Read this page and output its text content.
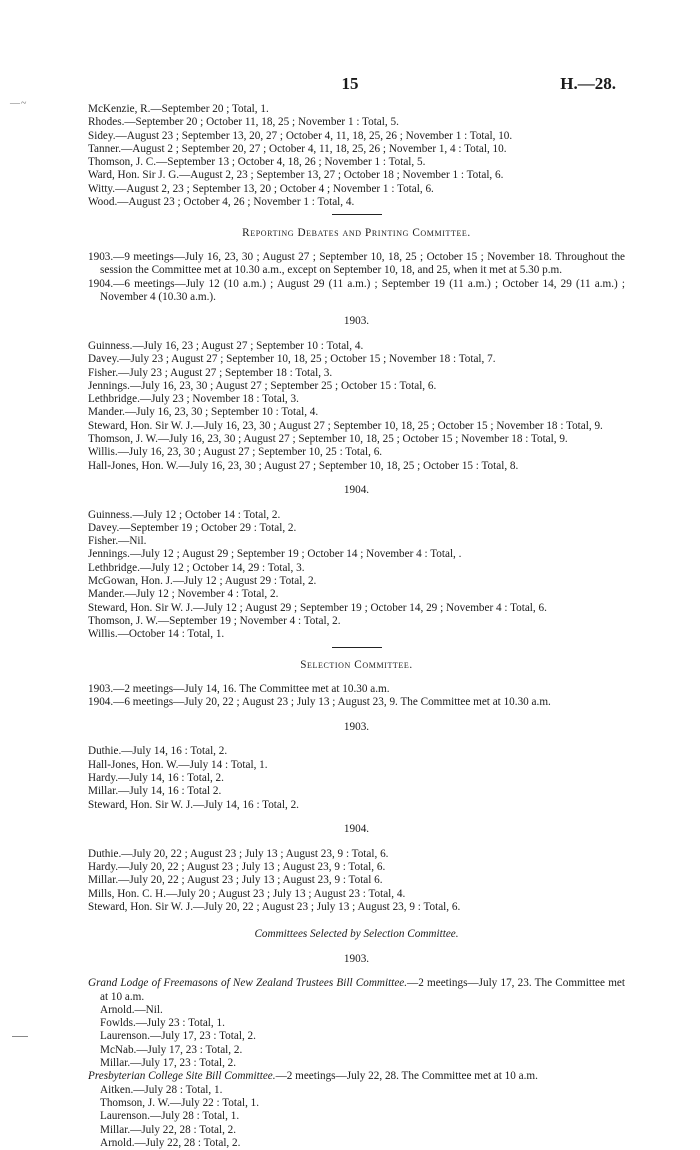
15	H.—28.
—~	McKenzie, R.—September 20 ; Total, 1.

Rhodes.—September 20 ; October 11, 18, 25 ; November 1 : Total, 5.

Sidey.—August 23 ; September 13, 20, 27 ; October 4, 11, 18, 25, 26 ; November 1 : Total, 10.

Tanner.—August 2 ; September 20, 27 ; October 4, 11, 18, 25, 26 ; November 1, 4 : Total, 10.

Thomson, J. C.—September 13 ; October 4, 18, 26 ; November 1 : Total, 5.

Ward, Hon. Sir J. G.—August 2, 23 ; September 13, 27 ; October 18 ; November 1 : Total, 6.

Witty.—August 2, 23 ; September 13, 20 ; October 4 ; November 1 : Total, 6.

Wood.—August 23 ; October 4, 26 ; November 1 : Total, 4.

Reporting Debates and Printing Committee.

1903.—9 meetings—July 16, 23, 30 ; August 27 ; September 10, 18, 25 ; October 15 ; November 18. Throughout the session the Committee met at 10.30 a.m., except on September 10, 18, and 25, when it met at 5.30 p.m.

1904.—6 meetings—July 12 (10 a.m.) ; August 29 (11 a.m.) ; September 19 (11 a.m.) ; October 14, 29 (11 a.m.) ; November 4 (10.30 a.m.).

1903.

Guinness.—July 16, 23 ; August 27 ; September 10 : Total, 4.

Davey.—July 23 ; August 27 ; September 10, 18, 25 ; October 15 ; November 18 : Total, 7.

Fisher.—July 23 ; August 27 ; September 18 : Total, 3.

Jennings.—July 16, 23, 30 ; August 27 ; September 25 ; October 15 : Total, 6.

Lethbridge.—July 23 ; November 18 : Total, 3.

Mander.—July 16, 23, 30 ; September 10 : Total, 4.

Steward, Hon. Sir W. J.—July 16, 23, 30 ; August 27 ; September 10, 18, 25 ; October 15 ; November 18 : Total, 9.

Thomson, J. W.—July 16, 23, 30 ; August 27 ; September 10, 18, 25 ; October 15 ; November 18 : Total, 9.

Willis.—July 16, 23, 30 ; August 27 ; September 10, 25 : Total, 6.

Hall-Jones, Hon. W.—July 16, 23, 30 ; August 27 ; September 10, 18, 25 ; October 15 : Total, 8.

1904.

Guinness.—July 12 ; October 14 : Total, 2.

Davey.—September 19 ; October 29 : Total, 2.

Fisher.—Nil.

Jennings.—July 12 ; August 29 ; September 19 ; October 14 ; November 4 : Total, .

Lethbridge.—July 12 ; October 14, 29 : Total, 3.

McGowan, Hon. J.—July 12 ; August 29 : Total, 2.

Mander.—July 12 ; November 4 : Total, 2.

Steward, Hon. Sir W. J.—July 12 ; August 29 ; September 19 ; October 14, 29 ; November 4 : Total, 6.

Thomson, J. W.—September 19 ; November 4 : Total, 2.

Willis.—October 14 : Total, 1.

Selection Committee.

1903.—2 meetings—July 14, 16. The Committee met at 10.30 a.m.

1904.—6 meetings—July 20, 22 ; August 23 ; July 13 ; August 23, 9. The Committee met at 10.30 a.m.

1903.

Duthie.—July 14, 16 : Total, 2.

Hall-Jones, Hon. W.—July 14 : Total, 1.

Hardy.—July 14, 16 : Total, 2.

Millar.—July 14, 16 : Total 2.

Steward, Hon. Sir W. J.—July 14, 16 : Total, 2.

1904.

Duthie.—July 20, 22 ; August 23 ; July 13 ; August 23, 9 : Total, 6.

Hardy.—July 20, 22 ; August 23 ; July 13 ; August 23, 9 : Total, 6.

Millar.—July 20, 22 ; August 23 ; July 13 ; August 23, 9 : Total 6.

Mills, Hon. C. H.—July 20 ; August 23 ; July 13 ; August 23 : Total, 4.

Steward, Hon. Sir W. J.—July 20, 22 ; August 23 ; July 13 ; August 23, 9 : Total, 6.

Committees Selected by Selection Committee.

1903.

Grand Lodge of Freemasons of New Zealand Trustees Bill Committee.—2 meetings—July 17, 23. The Committee met at 10 a.m.

Arnold.—Nil.

Fowlds.—July 23 : Total, 1.

Laurenson.—July 17, 23 : Total, 2.

McNab.—July 17, 23 : Total, 2.

Millar.—July 17, 23 : Total, 2.

Presbyterian College Site Bill Committee.—2 meetings—July 22, 28. The Committee met at 10 a.m.

Aitken.—July 28 : Total, 1.

Thomson, J. W.—July 22 : Total, 1.

Laurenson.—July 28 : Total, 1.

Millar.—July 22, 28 : Total, 2.

Arnold.—July 22, 28 : Total, 2.
